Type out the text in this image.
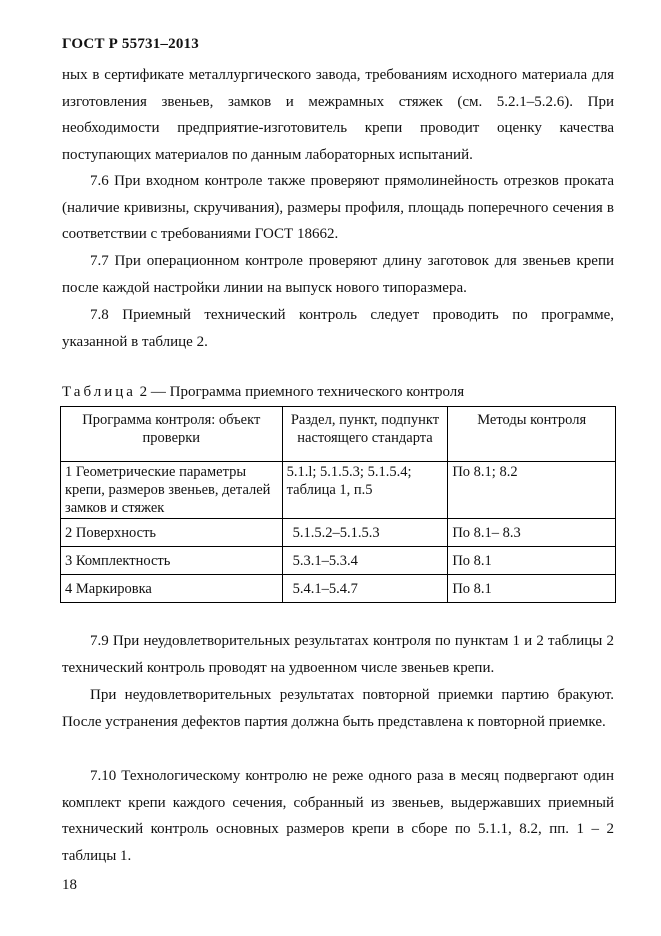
ГОСТ Р 55731–2013

ных в сертификате металлургического завода, требованиям исходного материала для изготовления звеньев, замков и межрамных стяжек (см. 5.2.1–5.2.6). При необходимости предприятие-изготовитель крепи проводит оценку качества поступающих материалов по данным лабораторных испытаний.

7.6 При входном контроле также проверяют прямолинейность отрезков проката (наличие кривизны, скручивания), размеры профиля, площадь поперечного сечения в соответствии с требованиями ГОСТ 18662.

7.7 При операционном контроле проверяют длину заготовок для звеньев крепи после каждой настройки линии на выпуск нового типоразмера.

7.8 Приемный технический контроль следует проводить по программе, указанной в таблице 2.

Таблица 2 — Программа приемного технического контроля
Программа контроля: объект проверки	Раздел, пункт, подпункт настоящего стандарта	Методы контроля
1 Геометрические параметры крепи, размеров звеньев, деталей замков и стяжек	5.1.l; 5.1.5.3; 5.1.5.4; таблица 1, п.5	По 8.1; 8.2
2 Поверхность	5.1.5.2–5.1.5.3	По 8.1– 8.3
3 Комплектность	5.3.1–5.3.4	По 8.1
4 Маркировка	5.4.1–5.4.7	По 8.1

7.9 При неудовлетворительных результатах контроля по пунктам 1 и 2 таблицы 2 технический контроль проводят на удвоенном числе звеньев крепи.

При неудовлетворительных результатах повторной приемки партию бракуют. После устранения дефектов партия должна быть представлена к повторной приемке.

7.10 Технологическому контролю не реже одного раза в месяц подвергают один комплект крепи каждого сечения, собранный из звеньев, выдержавших приемный технический контроль основных размеров крепи в сборе по 5.1.1, 8.2, пп. 1 – 2 таблицы 1.

18
